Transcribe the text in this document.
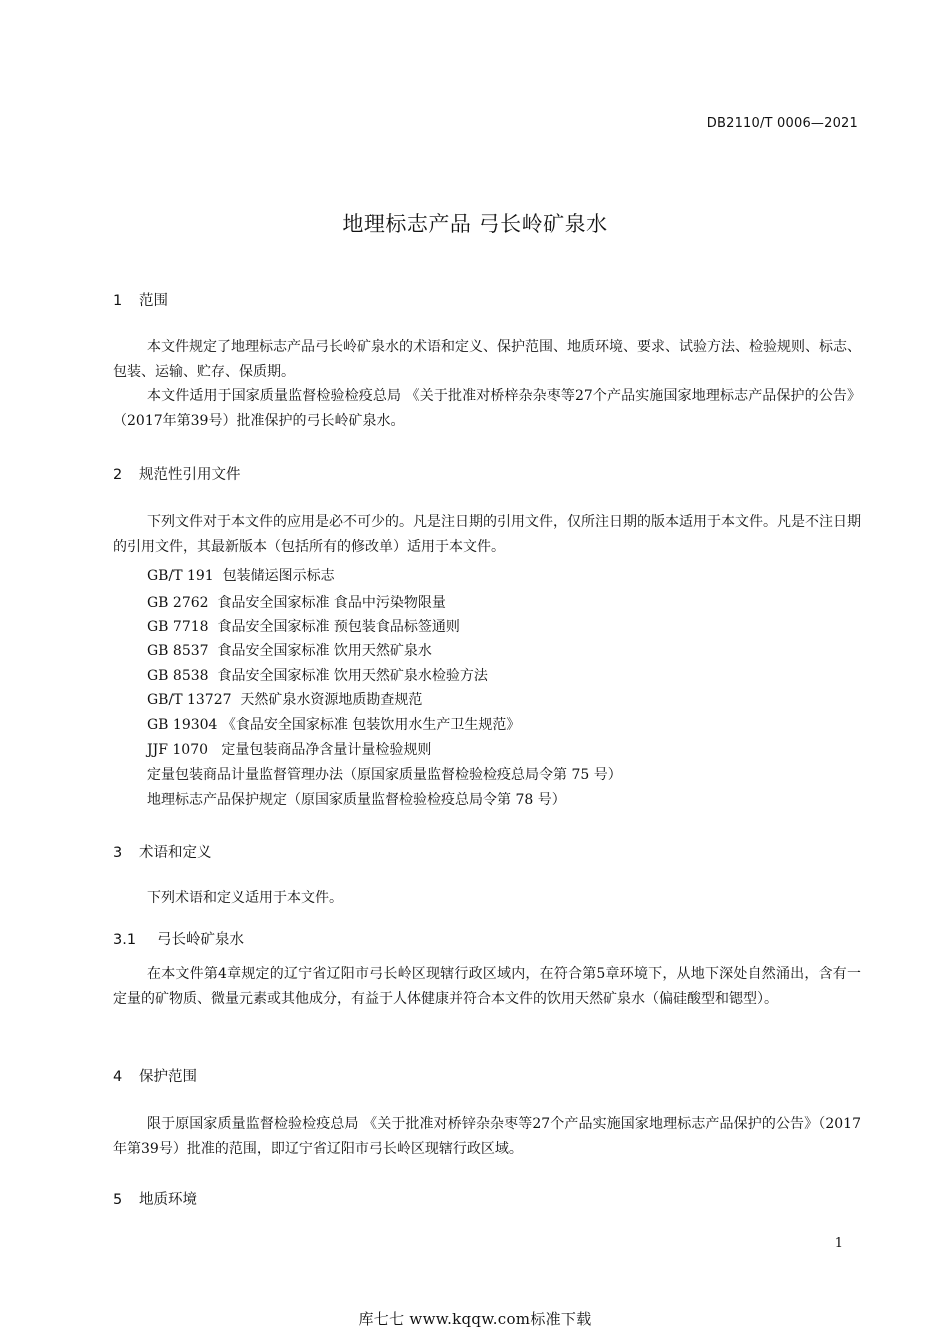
DB2110/T 0006—2021
地理标志产品 弓长岭矿泉水
1 范围

本文件规定了地理标志产品弓长岭矿泉水的术语和定义、保护范围、地质环境、要求、试验方法、检验规则、标志、包装、运输、贮存、保质期。

本文件适用于国家质量监督检验检疫总局 《关于批准对桥梓杂杂枣等27个产品实施国家地理标志产品保护的公告》（2017年第39号）批准保护的弓长岭矿泉水。

2 规范性引用文件

下列文件对于本文件的应用是必不可少的。凡是注日期的引用文件，仅所注日期的版本适用于本文件。凡是不注日期的引用文件，其最新版本（包括所有的修改单）适用于本文件。

GB/T 191  包装储运图示标志
GB 2762  食品安全国家标准 食品中污染物限量
GB 7718  食品安全国家标准 预包装食品标签通则
GB 8537  食品安全国家标准 饮用天然矿泉水
GB 8538  食品安全国家标准 饮用天然矿泉水检验方法
GB/T 13727  天然矿泉水资源地质勘查规范
GB 19304 《食品安全国家标准 包装饮用水生产卫生规范》
JJF 1070   定量包装商品净含量计量检验规则
定量包装商品计量监督管理办法（原国家质量监督检验检疫总局令第 75 号）
地理标志产品保护规定（原国家质量监督检验检疫总局令第 78 号）
3 术语和定义

下列术语和定义适用于本文件。

3.1 弓长岭矿泉水

在本文件第4章规定的辽宁省辽阳市弓长岭区现辖行政区域内，在符合第5章环境下，从地下深处自然涌出，含有一定量的矿物质、微量元素或其他成分，有益于人体健康并符合本文件的饮用天然矿泉水（偏硅酸型和锶型）。

4 保护范围

限于原国家质量监督检验检疫总局 《关于批准对桥锌杂杂枣等27个产品实施国家地理标志产品保护的公告》（2017年第39号）批准的范围，即辽宁省辽阳市弓长岭区现辖行政区域。

5 地质环境
1
库七七 www.kqqw.com标准下载
